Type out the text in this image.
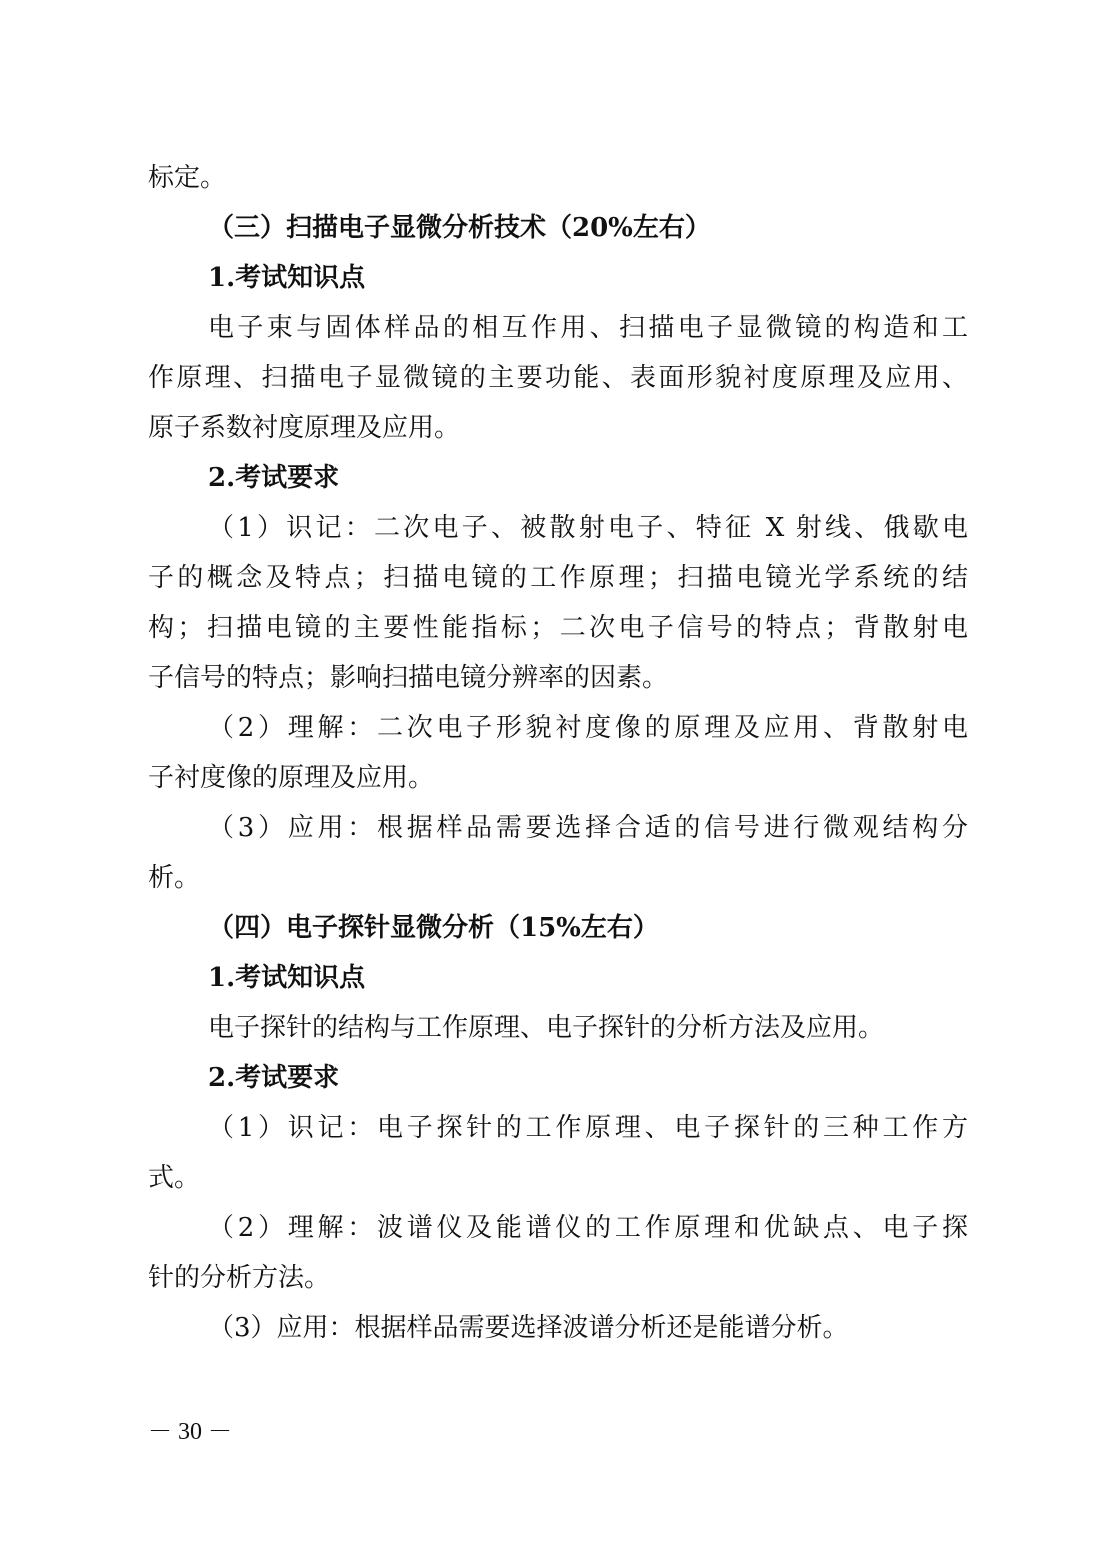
标定。
（三）扫描电子显微分析技术（20%左右）
1.考试知识点
电子束与固体样品的相互作用、扫描电子显微镜的构造和工
作原理、扫描电子显微镜的主要功能、表面形貌衬度原理及应用、
原子系数衬度原理及应用。
2.考试要求
（1）识记：二次电子、被散射电子、特征 X 射线、俄歇电
子的概念及特点；扫描电镜的工作原理；扫描电镜光学系统的结
构；扫描电镜的主要性能指标；二次电子信号的特点；背散射电
子信号的特点；影响扫描电镜分辨率的因素。
（2）理解：二次电子形貌衬度像的原理及应用、背散射电
子衬度像的原理及应用。
（3）应用：根据样品需要选择合适的信号进行微观结构分
析。
（四）电子探针显微分析（15%左右）
1.考试知识点
电子探针的结构与工作原理、电子探针的分析方法及应用。
2.考试要求
（1）识记：电子探针的工作原理、电子探针的三种工作方
式。
（2）理解：波谱仪及能谱仪的工作原理和优缺点、电子探
针的分析方法。
（3）应用：根据样品需要选择波谱分析还是能谱分析。
－ 30 －
